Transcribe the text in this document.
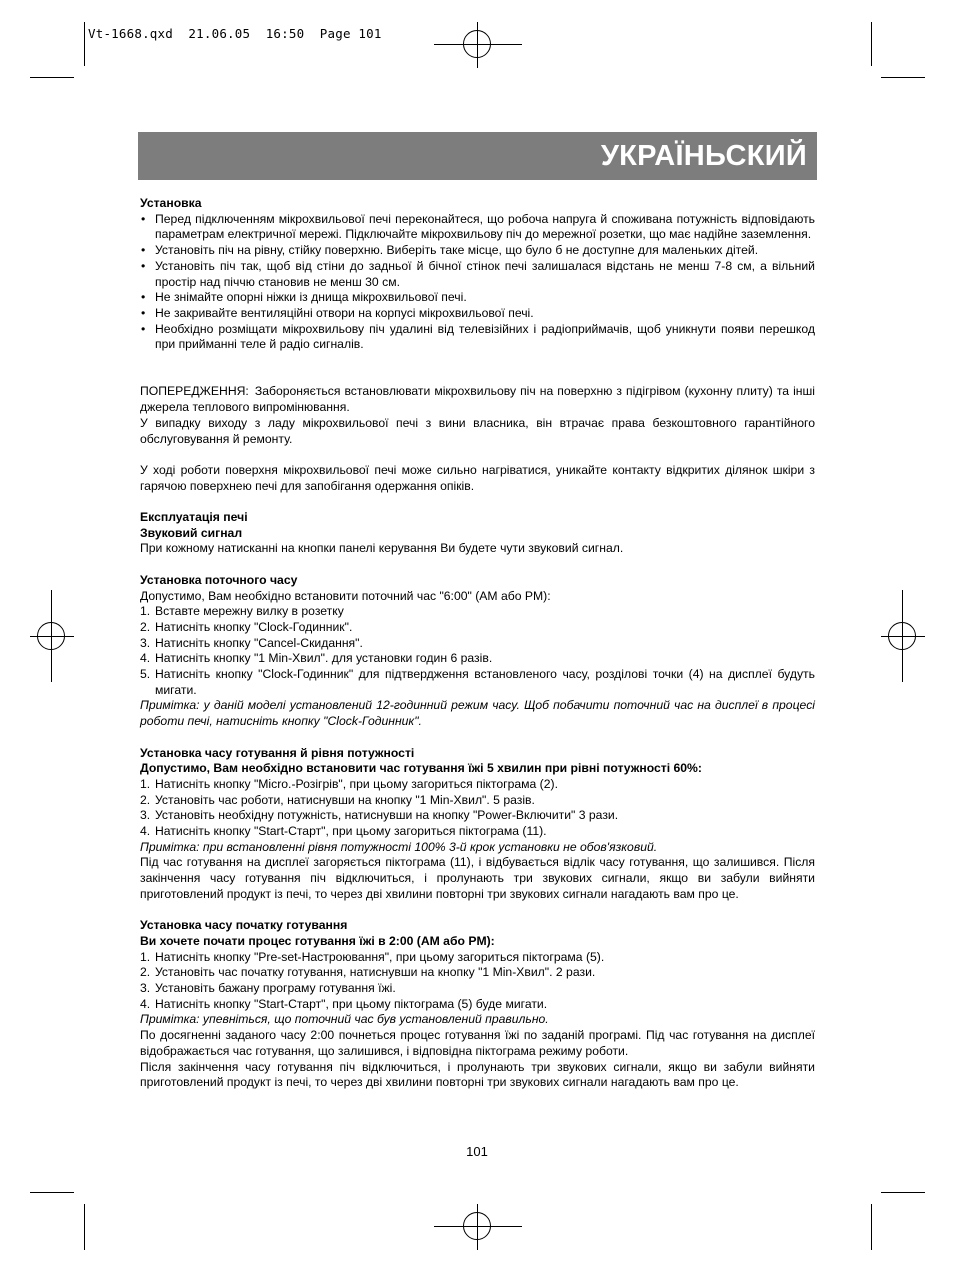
Vt-1668.qxd  21.06.05  16:50  Page 101
УКРАЇНЬСКИЙ

Установка

• Перед підключенням мікрохвильової печі переконайтеся, що робоча напруга й споживана потужність відповідають параметрам електричної мережі. Підключайте мікрохвильову піч до мережної розетки, що має надійне заземлення.
• Установіть піч на рівну, стійку поверхню. Виберіть таке місце, що було б не доступне для маленьких дітей.
• Установіть піч так, щоб від стіни до задньої й бічної стінок печі залишалася відстань не менш 7-8 см, а вільний простір над піччю становив не менш 30 см.
• Не знімайте опорні ніжки із днища мікрохвильової печі.
• Не закривайте вентиляційні отвори на корпусі мікрохвильової печі.
• Необхідно розміщати мікрохвильову піч удалині від телевізійних і радіоприймачів, щоб уникнути появи перешкод при прийманні теле й радіо сигналів.

ПОПЕРЕДЖЕННЯ: Забороняється встановлювати мікрохвильову піч на поверхню з підігрівом (кухонну плиту) та інші джерела теплового випромінювання.

У випадку виходу з ладу мікрохвильової печі з вини власника, він втрачає права безкоштовного гарантійного обслуговування й ремонту.

У ході роботи поверхня мікрохвильової печі може сильно нагріватися, уникайте контакту відкритих ділянок шкіри з гарячою поверхнею печі для запобігання одержання опіків.

Експлуатація печі

Звуковий сигнал

При кожному натисканні на кнопки панелі керування Ви будете чути звуковий сигнал.

Установка поточного часу

Допустимо, Вам необхідно встановити поточний час "6:00" (AM або PM):

1. Вставте мережну вилку в розетку
2. Натисніть кнопку "Clock-Годинник".
3. Натисніть кнопку "Cancel-Скидання".
4. Натисніть кнопку "1 Min-Хвил". для установки годин 6 разів.
5. Натисніть кнопку "Clock-Годинник" для підтвердження встановленого часу, розділові точки (4) на дисплеї будуть мигати.

Примітка: у даній моделі установлений 12-годинний режим часу. Щоб побачити поточний час на дисплеї в процесі роботи печі, натисніть кнопку "Clock-Годинник".

Установка часу готування й рівня потужності

Допустимо, Вам необхідно встановити час готування їжі 5 хвилин при рівні потужності 60%:

1. Натисніть кнопку "Micro.-Розігрів", при цьому загориться піктограма (2).
2. Установіть час роботи, натиснувши на кнопку "1 Min-Хвил". 5 разів.
3. Установіть необхідну потужність, натиснувши на кнопку "Power-Включити" 3 рази.
4. Натисніть кнопку "Start-Старт", при цьому загориться піктограма (11).

Примітка: при встановленні рівня потужності 100% 3-й крок установки не обов'язковий.

Під час готування на дисплеї загоряється піктограма (11), і відбувається відлік часу готування, що залишився. Після закінчення часу готування піч відключиться, і пролунають три звукових сигнали, якщо ви забули вийняти приготовлений продукт із печі, то через дві хвилини повторні три звукових сигнали нагадають вам про це.

Установка часу початку готування

Ви хочете почати процес готування їжі в 2:00 (AM або PM):

1. Натисніть кнопку "Pre-set-Настроювання", при цьому загориться піктограма (5).
2. Установіть час початку готування, натиснувши на кнопку "1 Min-Хвил". 2 рази.
3. Установіть бажану програму готування їжі.
4. Натисніть кнопку "Start-Старт", при цьому піктограма (5) буде мигати.

Примітка: упевніться, що поточний час був установлений правильно.

По досягненні заданого часу 2:00 почнеться процес готування їжі по заданій програмі. Під час готування на дисплеї відображається час готування, що залишився, і відповідна піктограма режиму роботи.

Після закінчення часу готування піч відключиться, і пролунають три звукових сигнали, якщо ви забули вийняти приготовлений продукт із печі, то через дві хвилини повторні три звукових сигнали нагадають вам про це.

101
